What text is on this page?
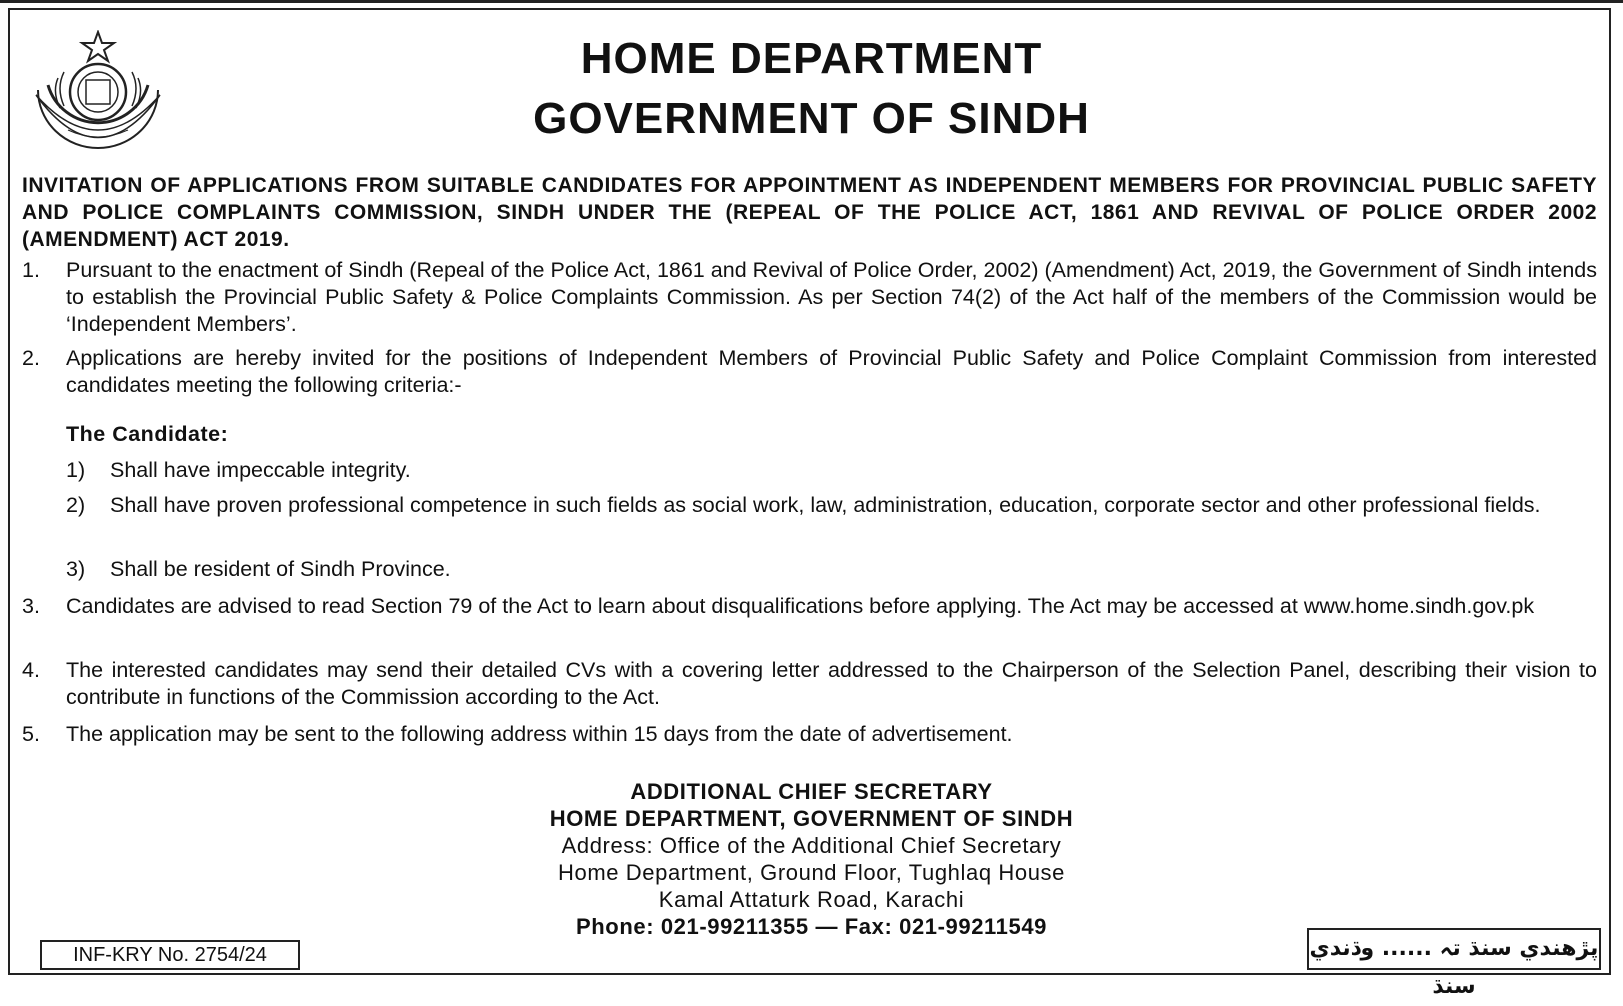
HOME DEPARTMENT
GOVERNMENT OF SINDH
INVITATION OF APPLICATIONS FROM SUITABLE CANDIDATES FOR APPOINTMENT AS INDEPENDENT MEMBERS FOR PROVINCIAL PUBLIC SAFETY AND POLICE COMPLAINTS COMMISSION, SINDH UNDER THE (REPEAL OF THE POLICE ACT, 1861 AND REVIVAL OF POLICE ORDER 2002 (AMENDMENT) ACT 2019.
1.	Pursuant to the enactment of Sindh (Repeal of the Police Act, 1861 and Revival of Police Order, 2002) (Amendment) Act, 2019, the Government of Sindh intends to establish the Provincial Public Safety & Police Complaints Commission. As per Section 74(2) of the Act half of the members of the Commission would be ‘Independent Members’.
2.	Applications are hereby invited for the positions of Independent Members of Provincial Public Safety and Police Complaint Commission from interested candidates meeting the following criteria:-
The Candidate:
1)	Shall have impeccable integrity.
2)	Shall have proven professional competence in such fields as social work, law, administration, education, corporate sector and other professional fields.
3)	Shall be resident of Sindh Province.
3.	Candidates are advised to read Section 79 of the Act to learn about disqualifications before applying. The Act may be accessed at www.home.sindh.gov.pk
4.	The interested candidates may send their detailed CVs with a covering letter addressed to the Chairperson of the Selection Panel, describing their vision to contribute in functions of the Commission according to the Act.
5.	The application may be sent to the following address within 15 days from the date of advertisement.
ADDITIONAL CHIEF SECRETARY
HOME DEPARTMENT, GOVERNMENT OF SINDH
Address: Office of the Additional Chief Secretary
Home Department, Ground Floor, Tughlaq House
Kamal Attaturk Road, Karachi
Phone: 021-99211355 — Fax: 021-99211549
INF-KRY No. 2754/24	پڙهندي سنڌ تہ ...... وڌندي سنڌ
